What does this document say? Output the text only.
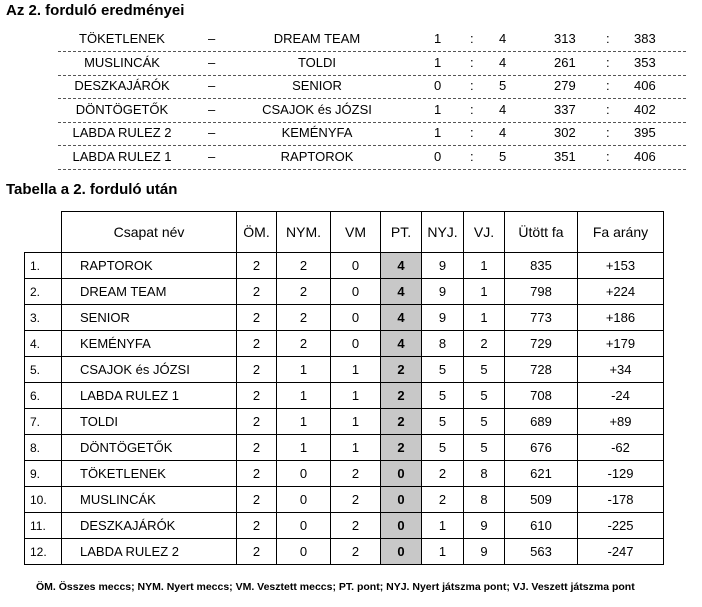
Az 2. forduló eredményei
TÖKETLENEK	–	DREAM TEAM	1 : 4	313 : 383
MUSLINCÁK	–	TOLDI	1 : 4	261 : 353
DESZKAJÁRÓK	–	SENIOR	0 : 5	279 : 406
DÖNTÖGETŐK	–	CSAJOK és JÓZSI	1 : 4	337 : 402
LABDA RULEZ 2	–	KEMÉNYFA	1 : 4	302 : 395
LABDA RULEZ 1	–	RAPTOROK	0 : 5	351 : 406
Tabella a 2. forduló után
	Csapat név	ÖM.	NYM.	VM	PT.	NYJ.	VJ.	Ütött fa	Fa arány
1.	RAPTOROK	2	2	0	4	9	1	835	+153
2.	DREAM TEAM	2	2	0	4	9	1	798	+224
3.	SENIOR	2	2	0	4	9	1	773	+186
4.	KEMÉNYFA	2	2	0	4	8	2	729	+179
5.	CSAJOK és JÓZSI	2	1	1	2	5	5	728	+34
6.	LABDA RULEZ 1	2	1	1	2	5	5	708	-24
7.	TOLDI	2	1	1	2	5	5	689	+89
8.	DÖNTÖGETŐK	2	1	1	2	5	5	676	-62
9.	TÖKETLENEK	2	0	2	0	2	8	621	-129
10.	MUSLINCÁK	2	0	2	0	2	8	509	-178
11.	DESZKAJÁRÓK	2	0	2	0	1	9	610	-225
12.	LABDA RULEZ 2	2	0	2	0	1	9	563	-247
ÖM. Összes meccs; NYM. Nyert meccs; VM. Vesztett meccs; PT. pont; NYJ. Nyert játszma pont; VJ. Veszett játszma pont
